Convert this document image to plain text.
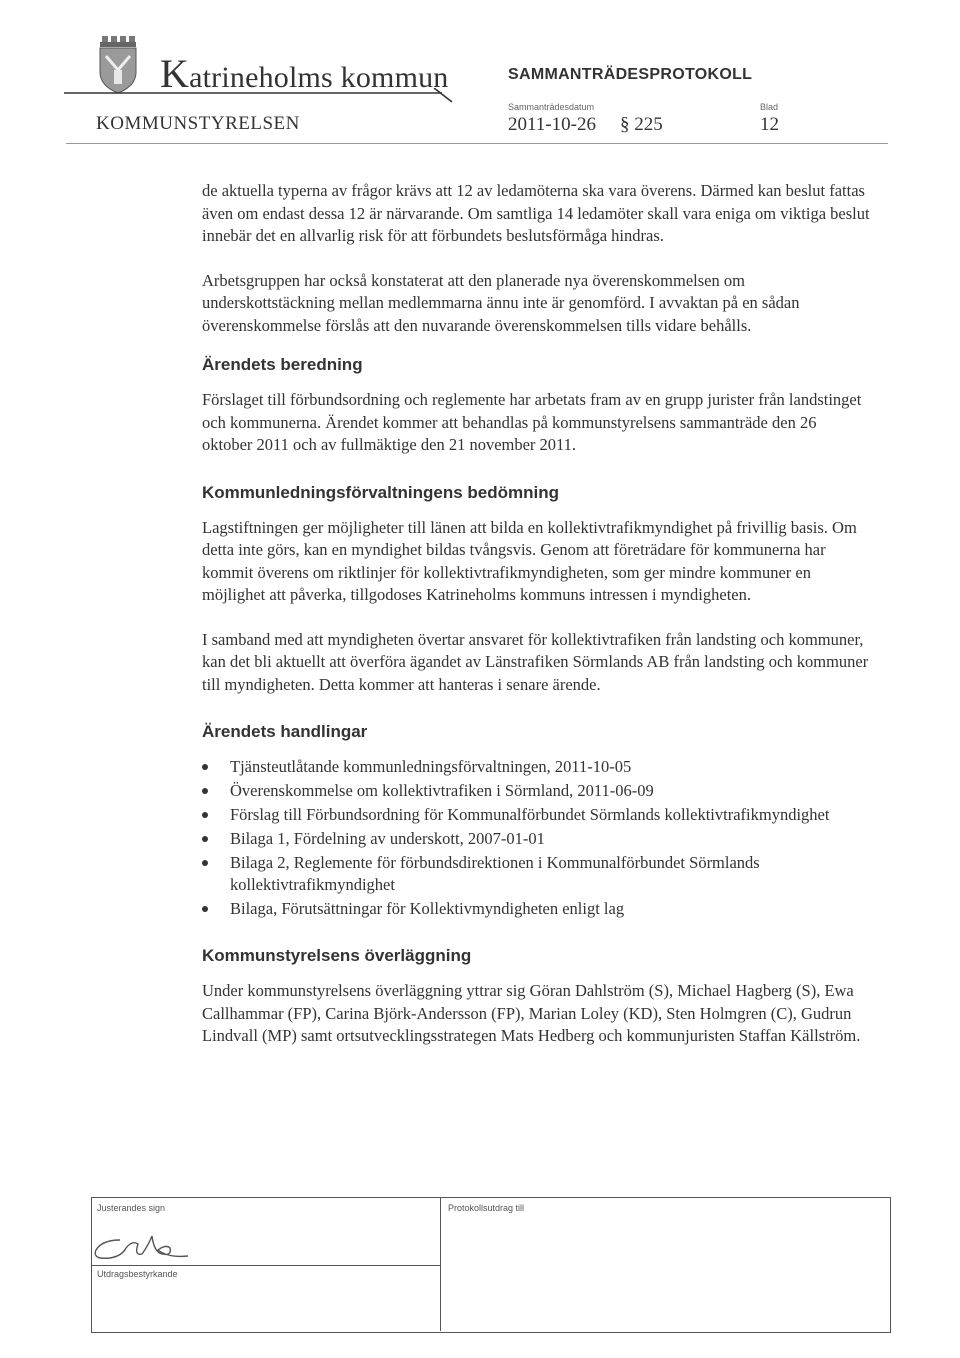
Katrineholms kommun	SAMMANTRÄDESPROTOKOLL
KOMMUNSTYRELSEN
Sammanträdesdatum
2011-10-26 § 225
Blad
12

de aktuella typerna av frågor krävs att 12 av ledamöterna ska vara överens. Därmed kan beslut fattas även om endast dessa 12 är närvarande. Om samtliga 14 ledamöter skall vara eniga om viktiga beslut innebär det en allvarlig risk för att förbundets beslutsförmåga hindras.

Arbetsgruppen har också konstaterat att den planerade nya överenskommelsen om underskottstäckning mellan medlemmarna ännu inte är genomförd. I avvaktan på en sådan överenskommelse förslås att den nuvarande överenskommelsen tills vidare behålls.

Ärendets beredning

Förslaget till förbundsordning och reglemente har arbetats fram av en grupp jurister från landstinget och kommunerna. Ärendet kommer att behandlas på kommunstyrelsens sammanträde den 26 oktober 2011 och av fullmäktige den 21 november 2011.

Kommunledningsförvaltningens bedömning

Lagstiftningen ger möjligheter till länen att bilda en kollektivtrafikmyndighet på frivillig basis. Om detta inte görs, kan en myndighet bildas tvångsvis. Genom att företrädare för kommunerna har kommit överens om riktlinjer för kollektivtrafikmyndigheten, som ger mindre kommuner en möjlighet att påverka, tillgodoses Katrineholms kommuns intressen i myndigheten.

I samband med att myndigheten övertar ansvaret för kollektivtrafiken från landsting och kommuner, kan det bli aktuellt att överföra ägandet av Länstrafiken Sörmlands AB från landsting och kommuner till myndigheten. Detta kommer att hanteras i senare ärende.

Ärendets handlingar
Tjänsteutlåtande kommunledningsförvaltningen, 2011-10-05
Överenskommelse om kollektivtrafiken i Sörmland, 2011-06-09
Förslag till Förbundsordning för Kommunalförbundet Sörmlands kollektivtrafikmyndighet
Bilaga 1, Fördelning av underskott, 2007-01-01
Bilaga 2, Reglemente för förbundsdirektionen i Kommunalförbundet Sörmlands kollektivtrafikmyndighet
Bilaga, Förutsättningar för Kollektivmyndigheten enligt lag
Kommunstyrelsens överläggning

Under kommunstyrelsens överläggning yttrar sig Göran Dahlström (S), Michael Hagberg (S), Ewa Callhammar (FP), Carina Björk-Andersson (FP), Marian Loley (KD), Sten Holmgren (C), Gudrun Lindvall (MP) samt ortsutvecklingsstrategen Mats Hedberg och kommunjuristen Staffan Källström.

Justerandes sign
Utdragsbestyrkande
Protokollsutdrag till
